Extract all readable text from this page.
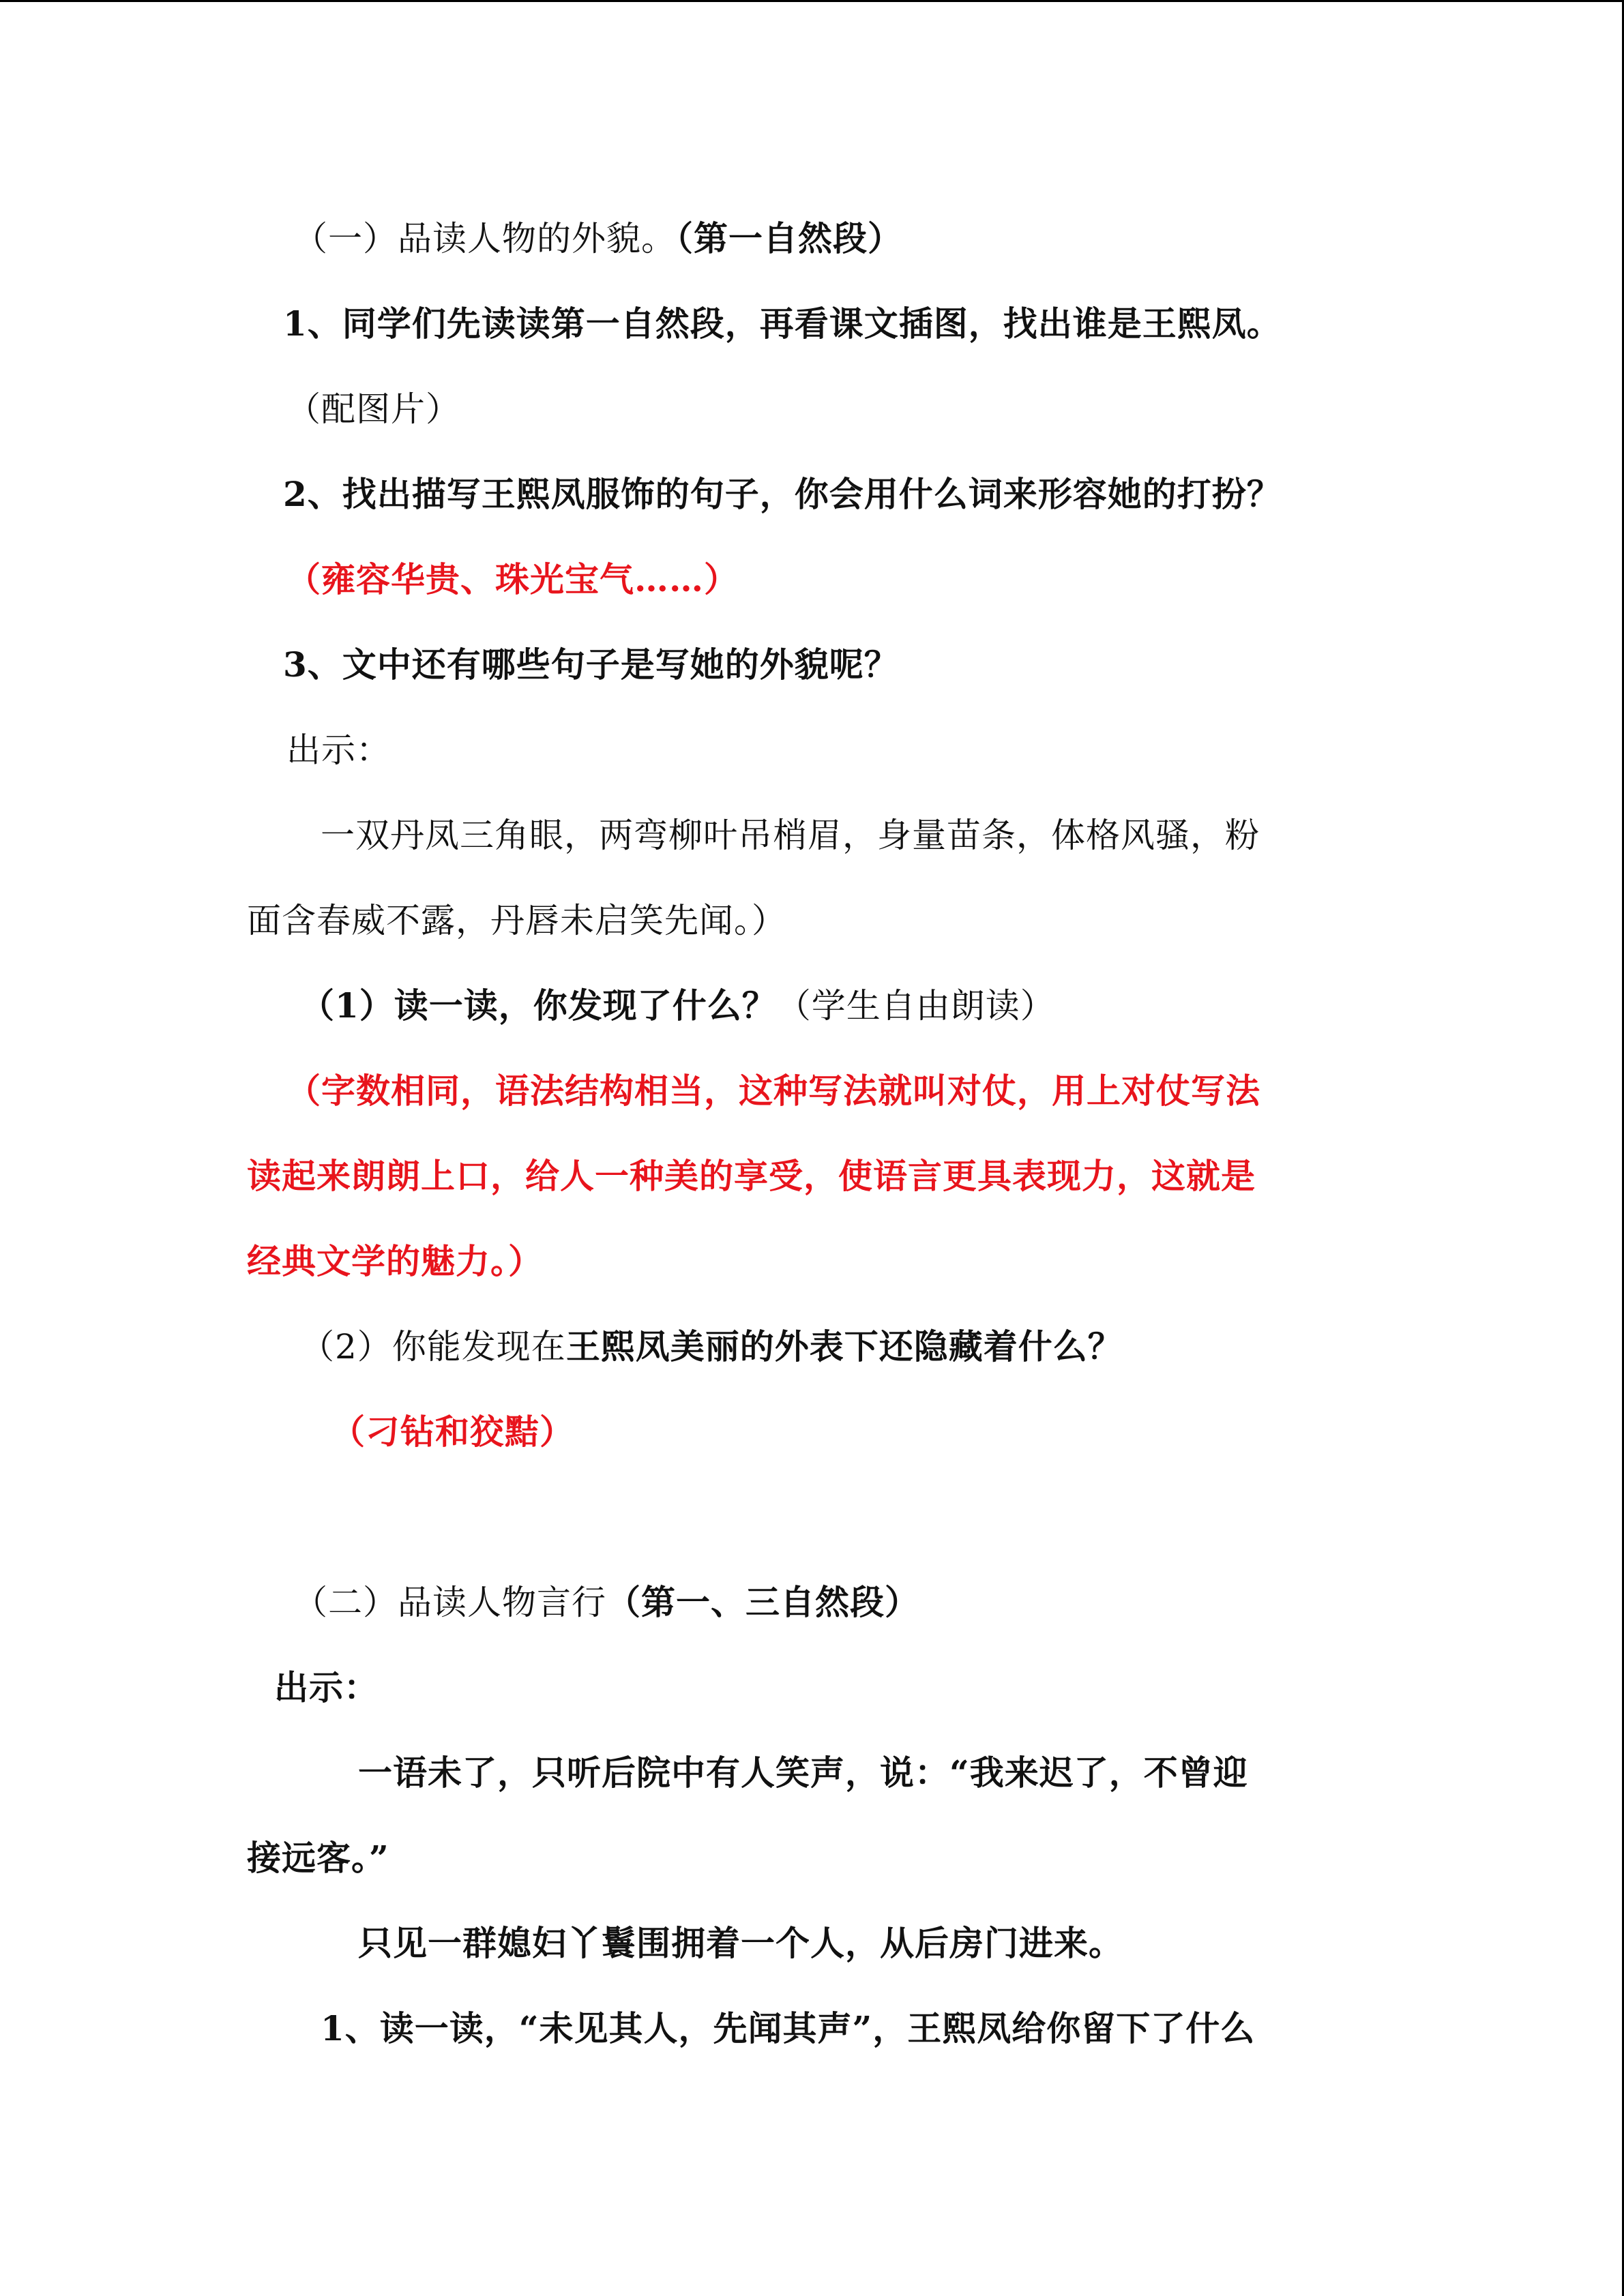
（一）品读人物的外貌。（第一自然段）
1、同学们先读读第一自然段，再看课文插图，找出谁是王熙凤。
（配图片）
2、找出描写王熙凤服饰的句子，你会用什么词来形容她的打扮？
（雍容华贵、珠光宝气……）
3、文中还有哪些句子是写她的外貌呢？
出示：
一双丹凤三角眼，两弯柳叶吊梢眉，身量苗条，体格风骚，粉
面含春威不露，丹唇未启笑先闻。）
（1）读一读，你发现了什么？（学生自由朗读）
（字数相同，语法结构相当，这种写法就叫对仗，用上对仗写法
读起来朗朗上口，给人一种美的享受，使语言更具表现力，这就是
经典文学的魅力。）
（2）你能发现在王熙凤美丽的外表下还隐藏着什么？
（刁钻和狡黠）
（二）品读人物言行（第一、三自然段）
出示：
一语未了，只听后院中有人笑声，说：“我来迟了，不曾迎
接远客。”
只见一群媳妇丫鬟围拥着一个人，从后房门进来。
1、读一读，“未见其人，先闻其声”，王熙凤给你留下了什么
